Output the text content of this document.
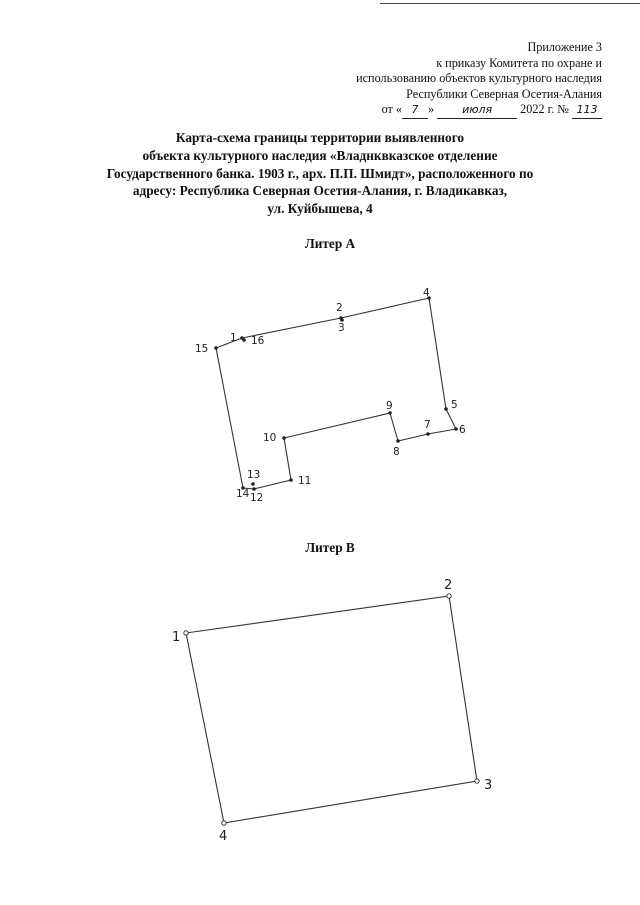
Приложение 3
к приказу Комитета по охране и
использованию объектов культурного наследия
Республики Северная Осетия-Алания
от « 7 »	июля 2022 г. № 113
Карта-схема границы территории выявленного
объекта культурного наследия «Владнквказское отделение
Государственного банка. 1903 г., арх. П.П. Шмидт», расположенного по
адресу: Республика Северная Осетия-Алания, г. Владикавказ,
ул. Куйбышева, 4
Литер А
Литер В
1
2
3
4
5
6
7
8
9
10
11
12
13
14
15
16
1
2
3
4
